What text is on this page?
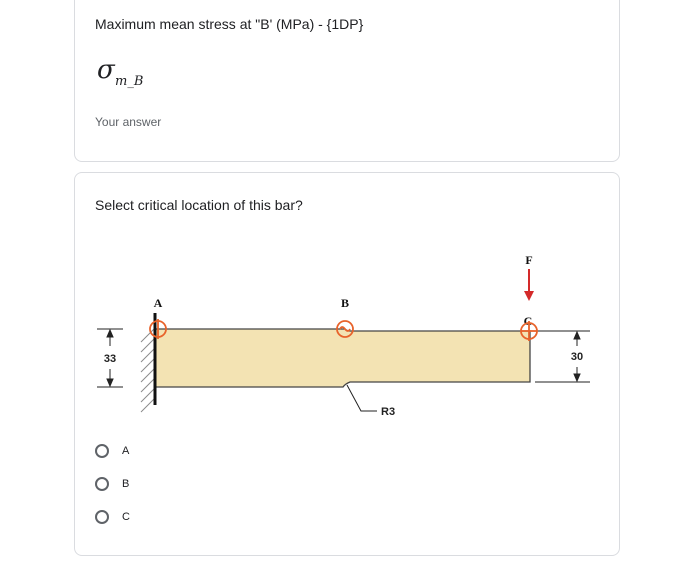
Maximum mean stress at "B' (MPa) - {1DP}
σ m_B
Your answer
Select critical location of this bar?
33	30
A	B
C
F
R3
A
B
C
